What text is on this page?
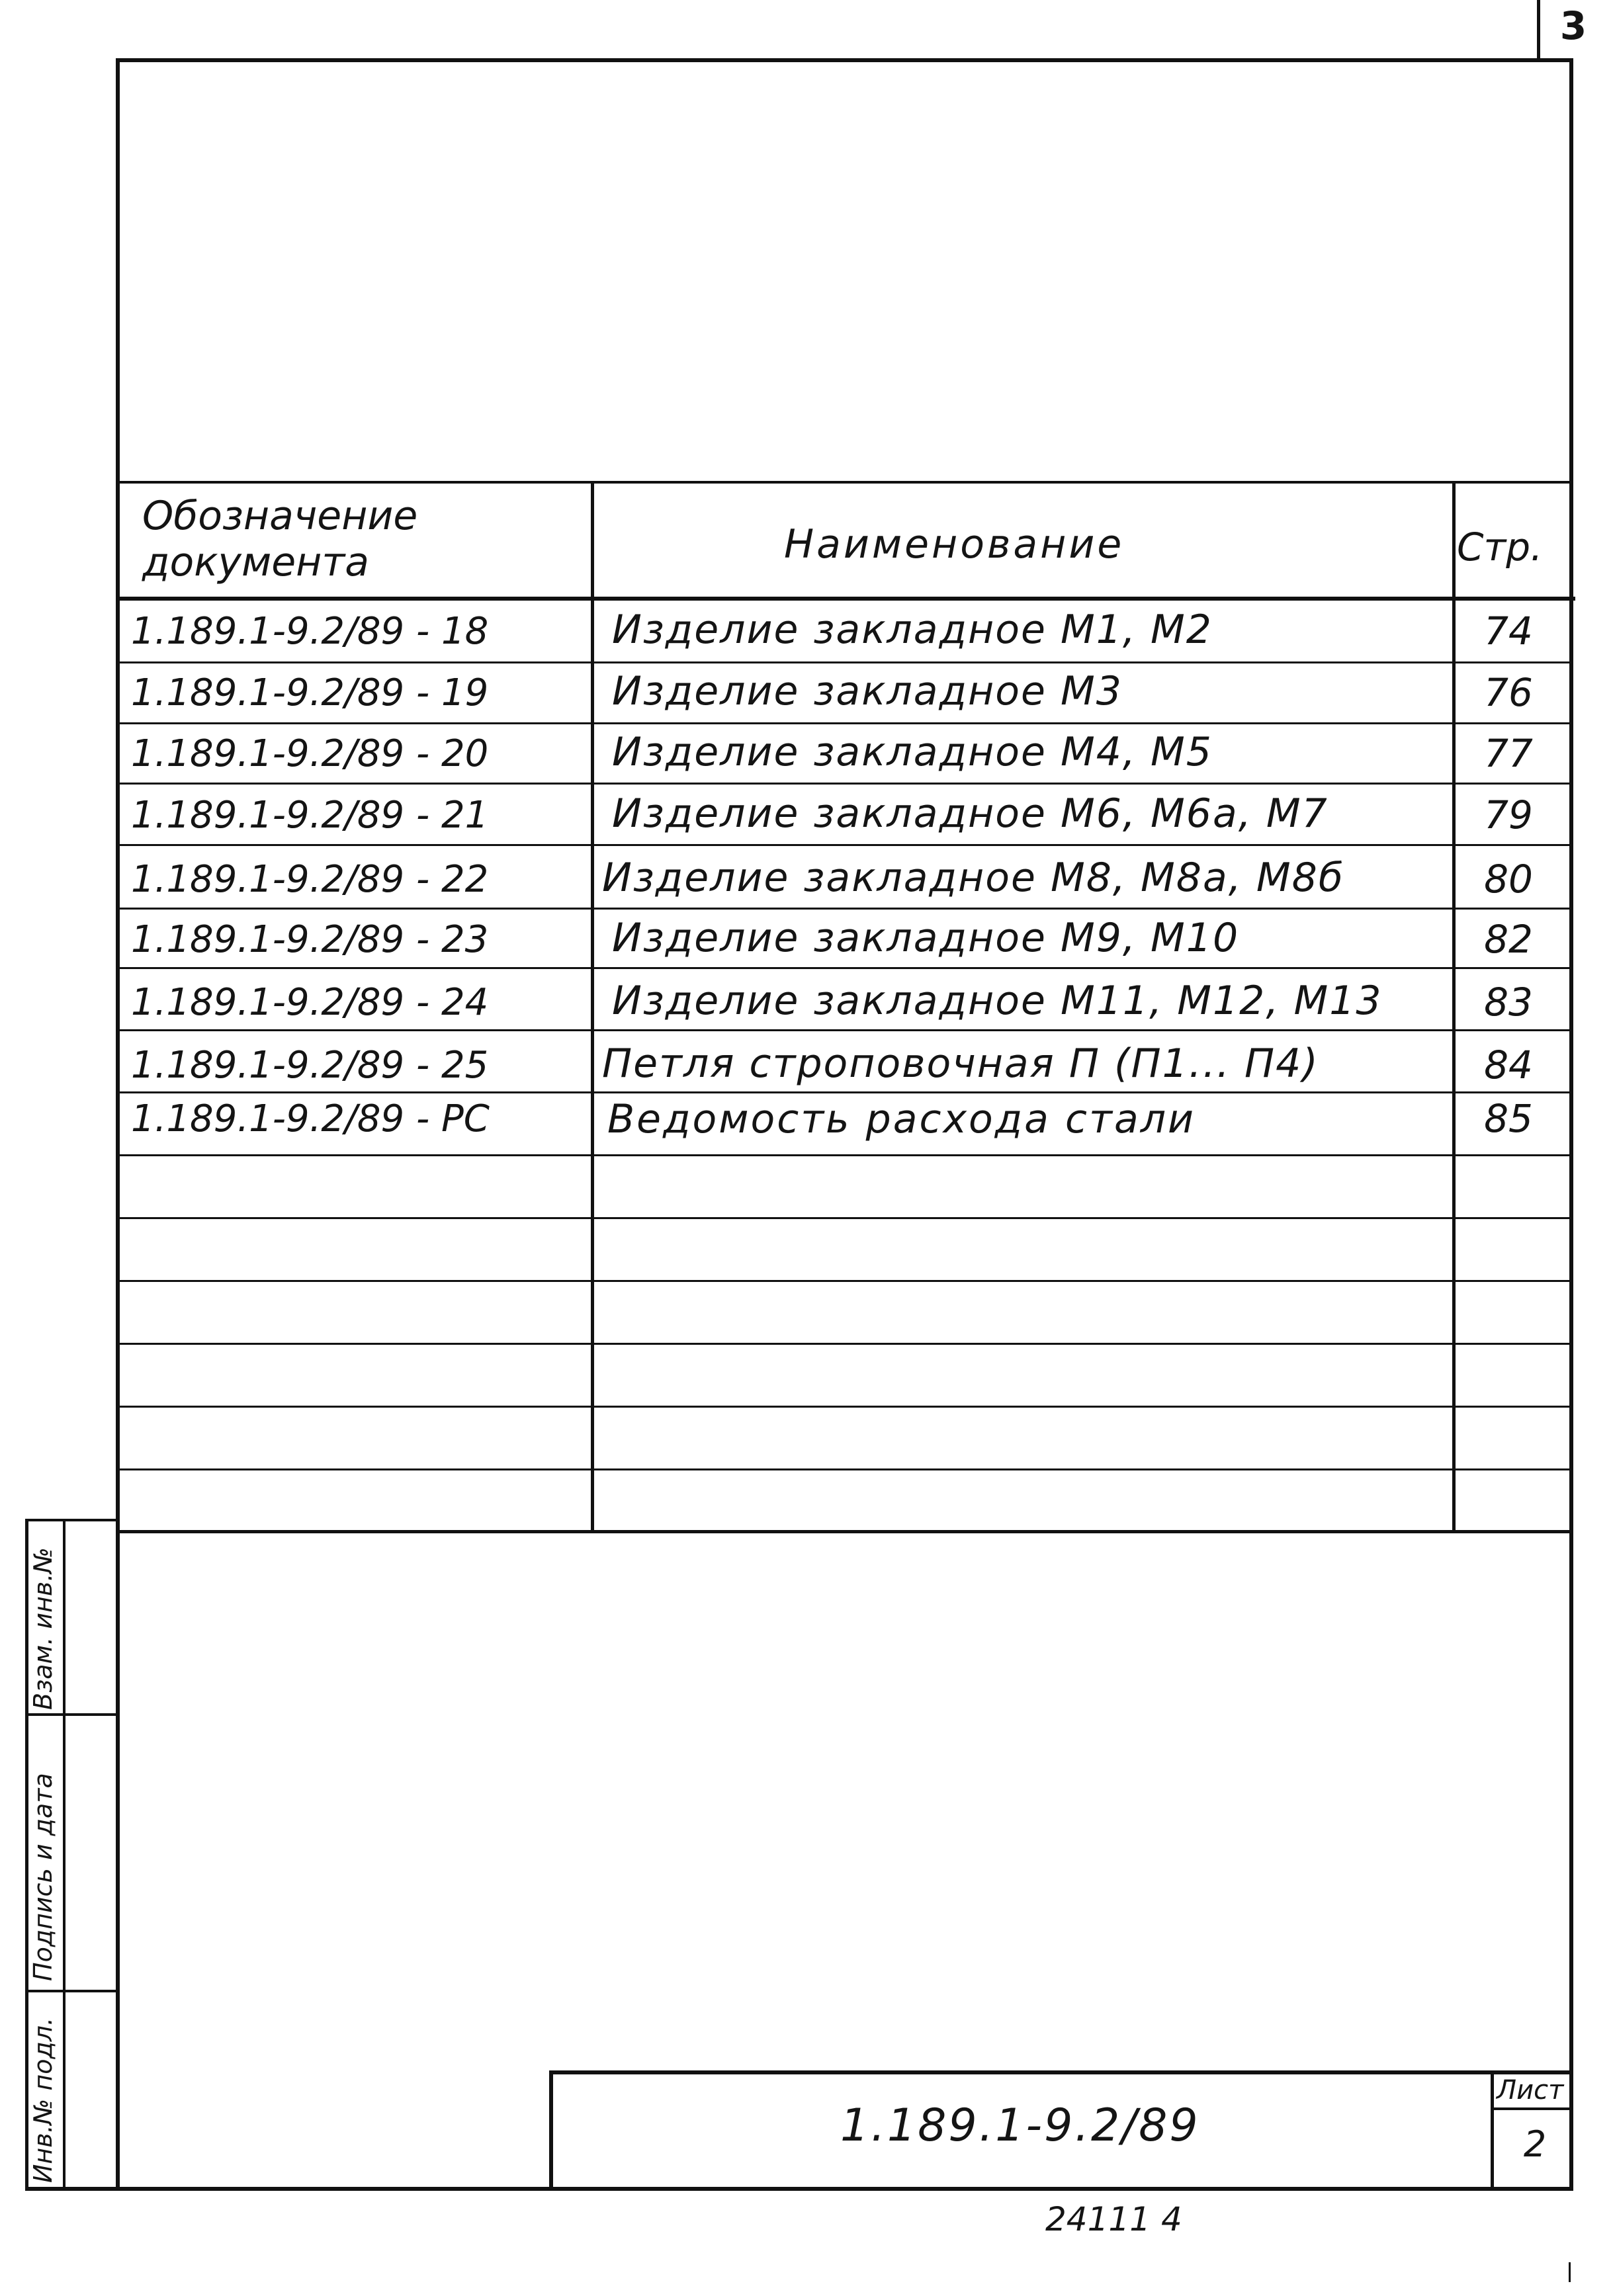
3
Обозначение
документа	Наименование	Стр.
1.189.1-9.2/89 - 18	Изделие закладное М1, М2	74
1.189.1-9.2/89 - 19	Изделие закладное М3	76
1.189.1-9.2/89 - 20	Изделие закладное М4, М5	77
1.189.1-9.2/89 - 21	Изделие закладное М6, М6а, М7	79
1.189.1-9.2/89 - 22	Изделие закладное М8, М8а, М8б	80
1.189.1-9.2/89 - 23	Изделие закладное М9, М10	82
1.189.1-9.2/89 - 24	Изделие закладное М11, М12, М13	83
1.189.1-9.2/89 - 25	Петля строповочная П (П1... П4)	84
1.189.1-9.2/89 - РС	Ведомость расхода стали	85
Взам. инв.№
Подпись и дата
Инв.№ подл.	1.189.1-9.2/89
Лист
2
24111 4
